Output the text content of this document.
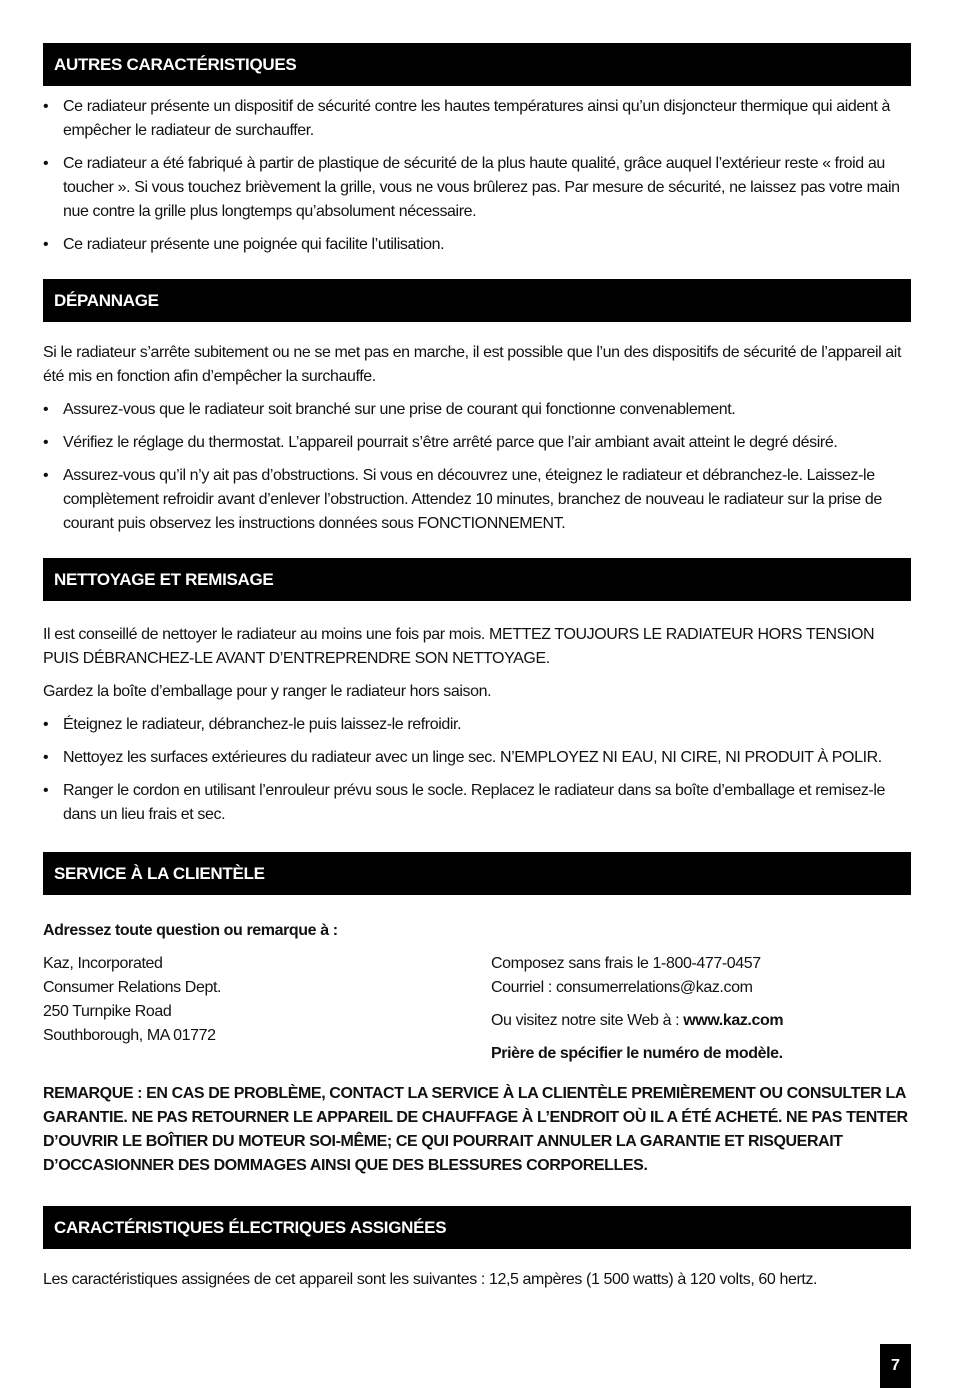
AUTRES CARACTÉRISTIQUES
• Ce radiateur présente un dispositif de sécurité contre les hautes températures ainsi qu’un disjoncteur thermique qui aident à empêcher le radiateur de surchauffer.
• Ce radiateur a été fabriqué à partir de plastique de sécurité de la plus haute qualité, grâce auquel l’extérieur reste « froid au toucher ». Si vous touchez brièvement la grille, vous ne vous brûlerez pas. Par mesure de sécurité, ne laissez pas votre main nue contre la grille plus longtemps qu’absolument nécessaire.
• Ce radiateur présente une poignée qui facilite l’utilisation.
DÉPANNAGE

Si le radiateur s’arrête subitement ou ne se met pas en marche, il est possible que l’un des dispositifs de sécurité de l’appareil ait été mis en fonction afin d’empêcher la surchauffe.

• Assurez-vous que le radiateur soit branché sur une prise de courant qui fonctionne convenablement.
• Vérifiez le réglage du thermostat. L’appareil pourrait s’être arrêté parce que l’air ambiant avait atteint le degré désiré.
• Assurez-vous qu’il n’y ait pas d’obstructions. Si vous en découvrez une, éteignez le radiateur et débranchez-le. Laissez-le complètement refroidir avant d’enlever l’obstruction. Attendez 10 minutes, branchez de nouveau le radiateur sur la prise de courant puis observez les instructions données sous FONCTIONNEMENT.
NETTOYAGE ET REMISAGE

Il est conseillé de nettoyer le radiateur au moins une fois par mois. METTEZ TOUJOURS LE RADIATEUR HORS TENSION PUIS DÉBRANCHEZ-LE AVANT D’ENTREPRENDRE SON NETTOYAGE.

Gardez la boîte d’emballage pour y ranger le radiateur hors saison.

• Éteignez le radiateur, débranchez-le puis laissez-le refroidir.
• Nettoyez les surfaces extérieures du radiateur avec un linge sec. N’EMPLOYEZ NI EAU, NI CIRE, NI PRODUIT À POLIR.
• Ranger le cordon en utilisant l’enrouleur prévu sous le socle. Replacez le radiateur dans sa boîte d’emballage et remisez-le dans un lieu frais et sec.
SERVICE À LA CLIENTÈLE
Adressez toute question ou remarque à :
Kaz, Incorporated
Consumer Relations Dept.
250 Turnpike Road
Southborough, MA 01772
Composez sans frais le 1-800-477-0457
Courriel : consumerrelations@kaz.com
Ou visitez notre site Web à : www.kaz.com
Prière de spécifier le numéro de modèle.
REMARQUE : EN CAS DE PROBLÈME, CONTACT LA SERVICE À LA CLIENTÈLE PREMIÈREMENT OU CONSULTER LA GARANTIE. NE PAS RETOURNER LE APPAREIL DE CHAUFFAGE À L’ENDROIT OÙ IL A ÉTÉ ACHETÉ. NE PAS TENTER D’OUVRIR LE BOÎTIER DU MOTEUR SOI-MÊME; CE QUI POURRAIT ANNULER LA GARANTIE ET RISQUERAIT D’OCCASIONNER DES DOMMAGES AINSI QUE DES BLESSURES CORPORELLES.
CARACTÉRISTIQUES ÉLECTRIQUES ASSIGNÉES
Les caractéristiques assignées de cet appareil sont les suivantes : 12,5 ampères (1 500 watts) à 120 volts, 60 hertz.
7
